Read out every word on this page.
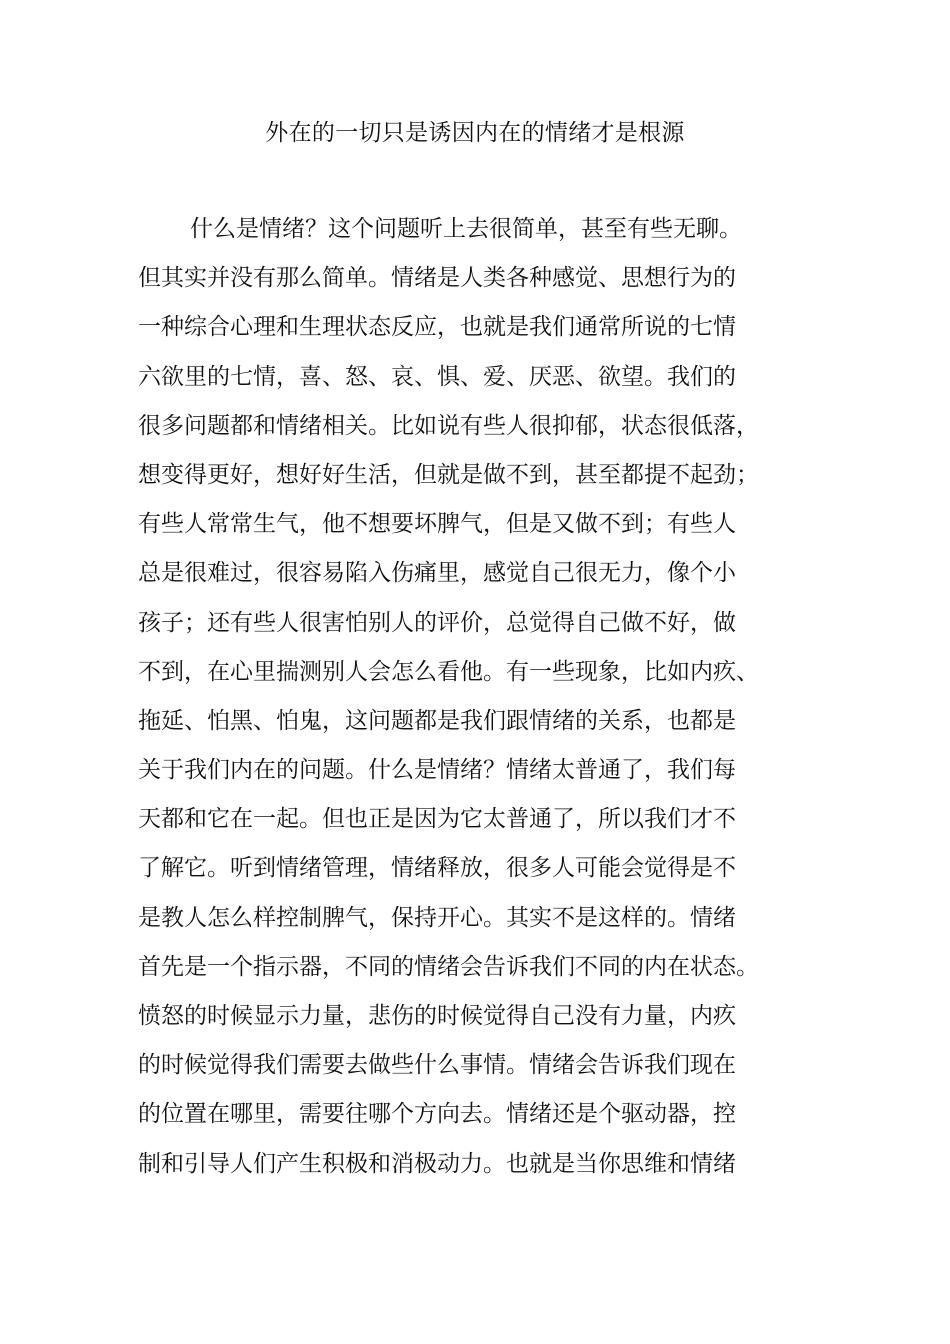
外在的一切只是诱因内在的情绪才是根源
什么是情绪？这个问题听上去很简单，甚至有些无聊。
但其实并没有那么简单。情绪是人类各种感觉、思想行为的
一种综合心理和生理状态反应，也就是我们通常所说的七情
六欲里的七情，喜、怒、哀、惧、爱、厌恶、欲望。我们的
很多问题都和情绪相关。比如说有些人很抑郁，状态很低落，
想变得更好，想好好生活，但就是做不到，甚至都提不起劲；
有些人常常生气，他不想要坏脾气，但是又做不到；有些人
总是很难过，很容易陷入伤痛里，感觉自己很无力，像个小
孩子；还有些人很害怕别人的评价，总觉得自己做不好，做
不到，在心里揣测别人会怎么看他。有一些现象，比如内疚、
拖延、怕黑、怕鬼，这问题都是我们跟情绪的关系，也都是
关于我们内在的问题。什么是情绪？情绪太普通了，我们每
天都和它在一起。但也正是因为它太普通了，所以我们才不
了解它。听到情绪管理，情绪释放，很多人可能会觉得是不
是教人怎么样控制脾气，保持开心。其实不是这样的。情绪
首先是一个指示器，不同的情绪会告诉我们不同的内在状态。
愤怒的时候显示力量，悲伤的时候觉得自己没有力量，内疚
的时候觉得我们需要去做些什么事情。情绪会告诉我们现在
的位置在哪里，需要往哪个方向去。情绪还是个驱动器，控
制和引导人们产生积极和消极动力。也就是当你思维和情绪
